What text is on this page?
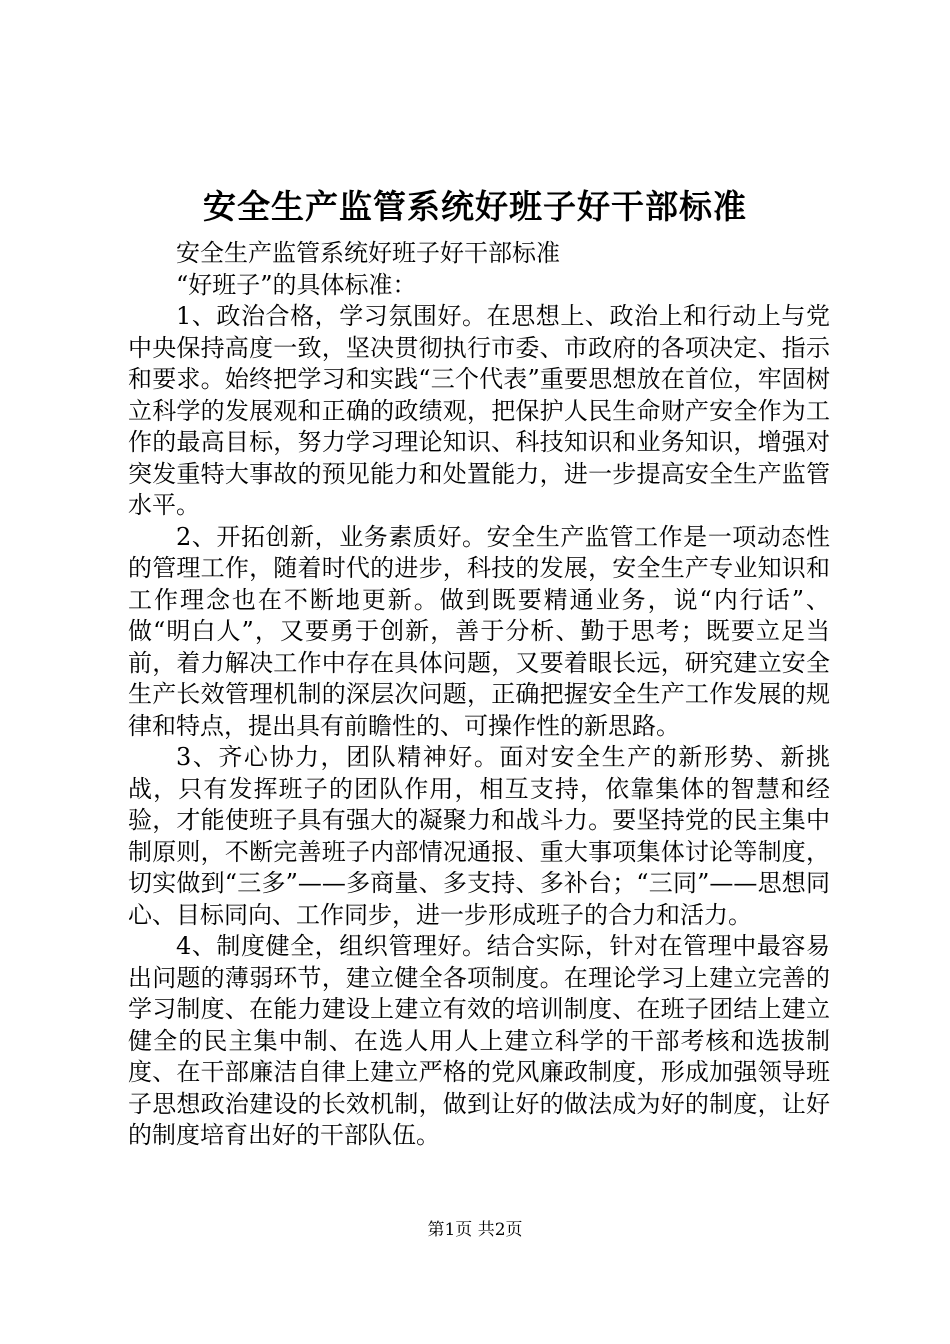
安全生产监管系统好班子好干部标准

安全生产监管系统好班子好干部标准

“好班子”的具体标准：

1、政治合格，学习氛围好。在思想上、政治上和行动上与党中央保持高度一致，坚决贯彻执行市委、市政府的各项决定、指示和要求。始终把学习和实践“三个代表”重要思想放在首位，牢固树立科学的发展观和正确的政绩观，把保护人民生命财产安全作为工作的最高目标，努力学习理论知识、科技知识和业务知识，增强对突发重特大事故的预见能力和处置能力，进一步提高安全生产监管水平。

2、开拓创新，业务素质好。安全生产监管工作是一项动态性的管理工作，随着时代的进步，科技的发展，安全生产专业知识和工作理念也在不断地更新。做到既要精通业务，说“内行话”、做“明白人”，又要勇于创新，善于分析、勤于思考；既要立足当前，着力解决工作中存在具体问题，又要着眼长远，研究建立安全生产长效管理机制的深层次问题，正确把握安全生产工作发展的规律和特点，提出具有前瞻性的、可操作性的新思路。

3、齐心协力，团队精神好。面对安全生产的新形势、新挑战，只有发挥班子的团队作用，相互支持，依靠集体的智慧和经验，才能使班子具有强大的凝聚力和战斗力。要坚持党的民主集中制原则，不断完善班子内部情况通报、重大事项集体讨论等制度，切实做到“三多”——多商量、多支持、多补台；“三同”——思想同心、目标同向、工作同步，进一步形成班子的合力和活力。

4、制度健全，组织管理好。结合实际，针对在管理中最容易出问题的薄弱环节，建立健全各项制度。在理论学习上建立完善的学习制度、在能力建设上建立有效的培训制度、在班子团结上建立健全的民主集中制、在选人用人上建立科学的干部考核和选拔制度、在干部廉洁自律上建立严格的党风廉政制度，形成加强领导班子思想政治建设的长效机制，做到让好的做法成为好的制度，让好的制度培育出好的干部队伍。

第1页 共2页
